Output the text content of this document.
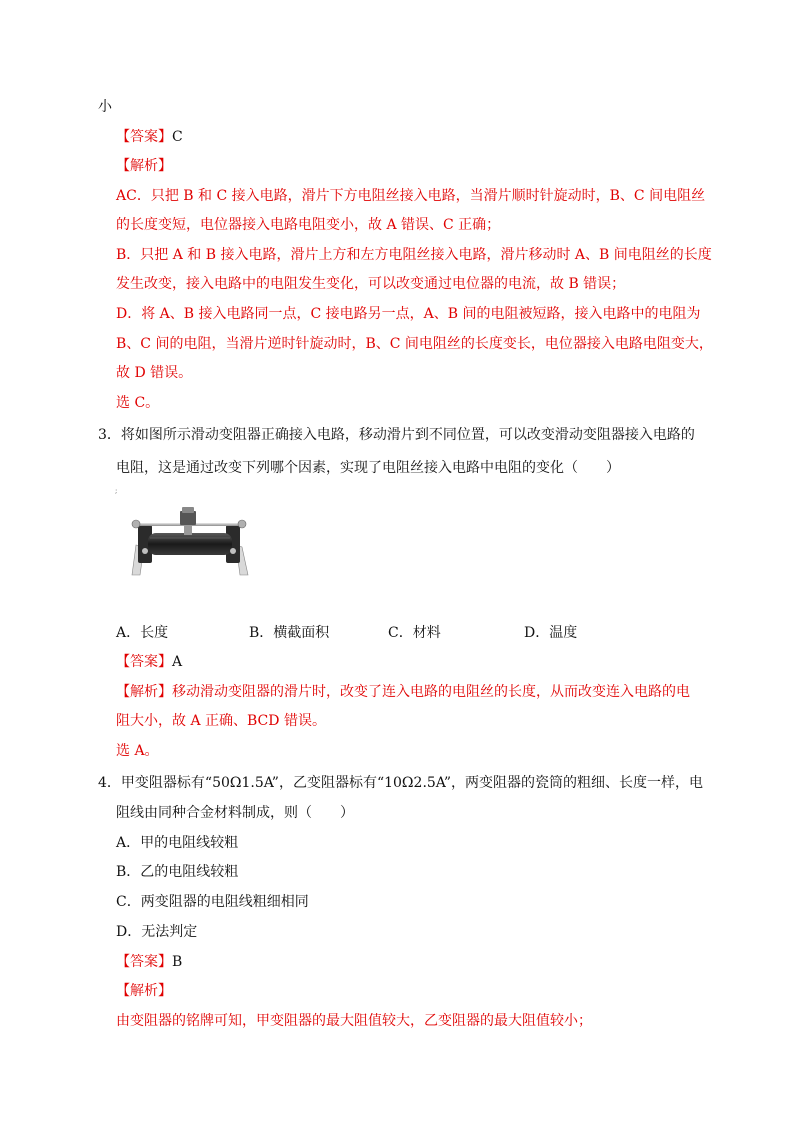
小
【答案】C
【解析】
AC．只把 B 和 C 接入电路，滑片下方电阻丝接入电路，当滑片顺时针旋动时，B、C 间电阻丝
的长度变短，电位器接入电路电阻变小，故 A 错误、C 正确；
B．只把 A 和 B 接入电路，滑片上方和左方电阻丝接入电路，滑片移动时 A、B 间电阻丝的长度
发生改变，接入电路中的电阻发生变化，可以改变通过电位器的电流，故 B 错误；
D．将 A、B 接入电路同一点，C 接电路另一点，A、B 间的电阻被短路，接入电路中的电阻为
B、C 间的电阻，当滑片逆时针旋动时，B、C 间电阻丝的长度变长，电位器接入电路电阻变大，
故 D 错误。
选 C。
3．将如图所示滑动变阻器正确接入电路，移动滑片到不同位置，可以改变滑动变阻器接入电路的
电阻，这是通过改变下列哪个因素，实现了电阻丝接入电路中电阻的变化（　　）
;
A．长度	B．横截面积	C．材料	D．温度
【答案】A
【解析】移动滑动变阻器的滑片时，改变了连入电路的电阻丝的长度，从而改变连入电路的电
阻大小，故 A 正确、BCD 错误。
选 A。
4．甲变阻器标有“50Ω1.5A”，乙变阻器标有“10Ω2.5A”，两变阻器的瓷筒的粗细、长度一样，电
阻线由同种合金材料制成，则（　　）
A．甲的电阻线较粗
B．乙的电阻线较粗
C．两变阻器的电阻线粗细相同
D．无法判定
【答案】B
【解析】
由变阻器的铭牌可知，甲变阻器的最大阻值较大，乙变阻器的最大阻值较小；
